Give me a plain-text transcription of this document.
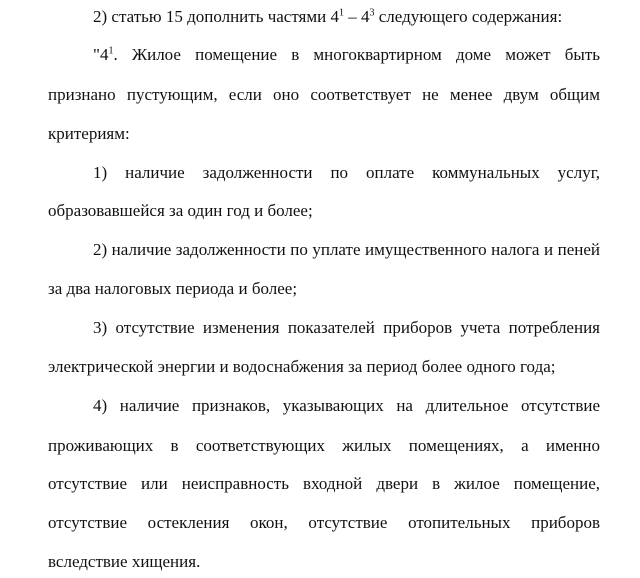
2) статью 15 дополнить частями $4^1 - 4^3$ следующего содержания:
"$4^1$. Жилое помещение в многоквартирном доме может быть
признано пустующим, если оно соответствует не менее двум общим
критериям:
1) наличие задолженности по оплате коммунальных услуг,
образовавшейся за один год и более;
2) наличие задолженности по уплате имущественного налога и пеней
за два налоговых периода и более;
3) отсутствие изменения показателей приборов учета потребления
электрической энергии и водоснабжения за период более одного года;
4) наличие признаков, указывающих на длительное отсутствие
проживающих в соответствующих жилых помещениях, а именно
отсутствие или неисправность входной двери в жилое помещение,
отсутствие остекления окон, отсутствие отопительных приборов
вследствие хищения.
